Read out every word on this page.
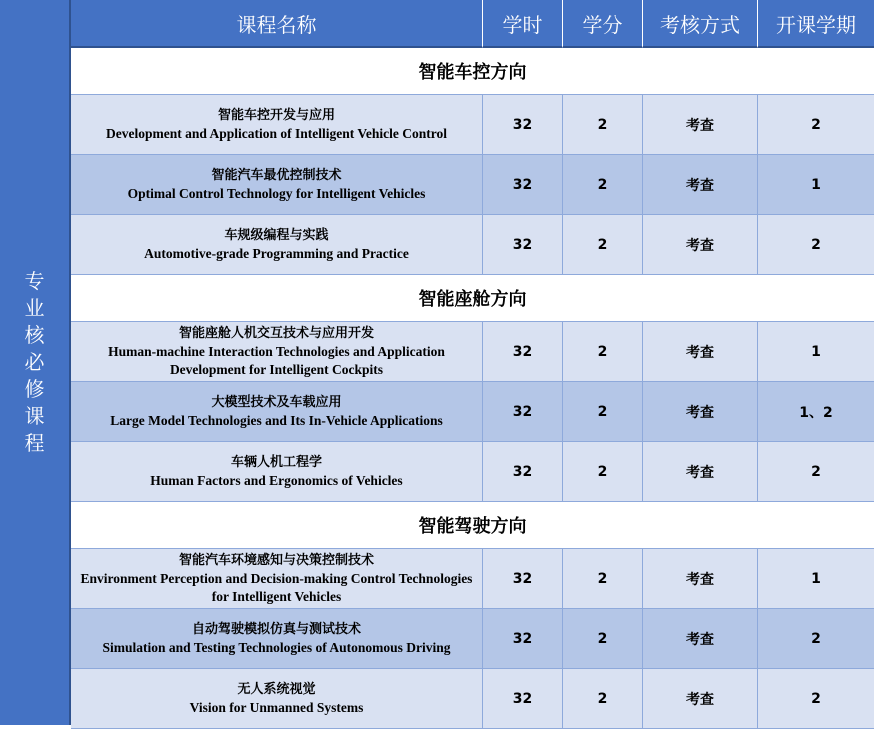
专业核必修课程
课程名称	学时	学分	考核方式	开课学期
智能车控方向
智能车控开发与应用
Development and Application of Intelligent Vehicle Control
32	2	考查	2
智能汽车最优控制技术
Optimal Control Technology for Intelligent Vehicles
32	2	考查	1
车规级编程与实践
Automotive-grade Programming and Practice
32	2	考查	2
智能座舱方向
智能座舱人机交互技术与应用开发
Human-machine Interaction Technologies and Application Development for Intelligent Cockpits
32	2	考查	1
大模型技术及车载应用
Large Model Technologies and Its In-Vehicle Applications
32	2	考查	1、2
车辆人机工程学
Human Factors and Ergonomics of Vehicles
32	2	考查	2
智能驾驶方向
智能汽车环境感知与决策控制技术
Environment Perception and Decision-making Control Technologies for Intelligent Vehicles
32	2	考查	1
自动驾驶模拟仿真与测试技术
Simulation and Testing Technologies of Autonomous Driving
32	2	考查	2
无人系统视觉
Vision for Unmanned Systems
32	2	考查	2
